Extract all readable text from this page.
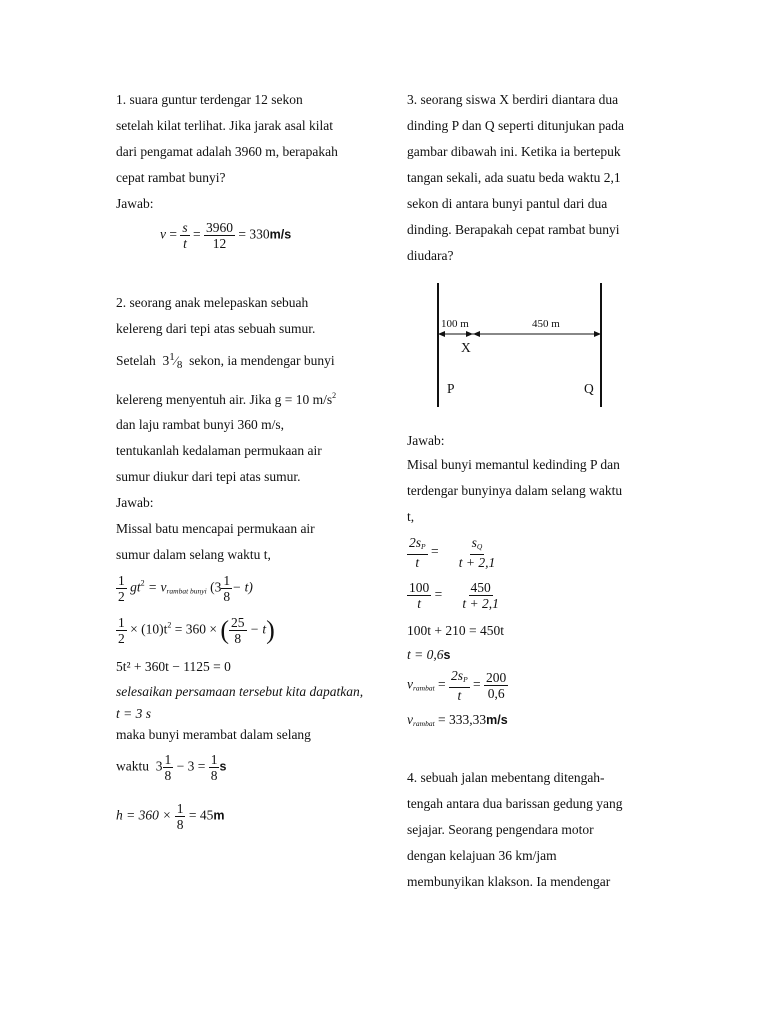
1. suara guntur terdengar 12 sekon
setelah kilat terlihat. Jika jarak asal kilat
dari pengamat adalah 3960 m, berapakah
cepat rambat bunyi?
Jawab:
$v = \frac{s}{t} = \frac{3960}{12} = 330m/s$
2. seorang anak melepaskan sebuah
kelereng dari tepi atas sebuah sumur.
Setelah $3^1⁄_8$ sekon, ia mendengar bunyi
kelereng menyentuh air. Jika g = 10 $m/s^2$
dan laju rambat bunyi 360 m/s,
tentukanlah kedalaman permukaan air
sumur diukur dari tepi atas sumur.
Jawab:
Missal batu mencapai permukaan air
sumur dalam selang waktu t,
$\frac{1}{2} gt^2 = v_{rambat bunyi}$ $(3 \frac{1}{8} - t)$
$\frac{1}{2} \times (10)t^2 = 360$ × ( $\frac{25}{8} - t$)
5t² + 360t − 1125 = 0
selesaikan persamaan tersebut kita dapatkan,
t = 3 s
maka bunyi merambat dalam selang
waktu $3 \frac{1}{8} - 3 = \frac{1}{8}$ s
$h = 360 \times \frac{1}{8} = 45m$
3. seorang siswa X berdiri diantara dua
dinding P dan Q seperti ditunjukan pada
gambar dibawah ini. Ketika ia bertepuk
tangan sekali, ada suatu beda waktu 2,1
sekon di antara bunyi pantul dari dua
dinding. Berapakah cepat rambat bunyi
diudara?
100 m	450 m
X
P	Q
Jawab:
Misal bunyi memantul kedinding P dan
terdengar bunyinya dalam selang waktu
t,
$\frac{2s_P}{t} = \frac{s_Q}{t + 2,1}$
$\frac{100}{t} = \frac{450}{t + 2,1}$
100t + 210 = 450t
t = 0,6s
$v_{rambat} = \frac{2s_P}{t} = \frac{200}{0,6}$
$v_{rambat} = 333,33m/s$
4. sebuah jalan mebentang ditengah-
tengah antara dua barissan gedung yang
sejajar. Seorang pengendara motor
dengan kelajuan 36 km/jam
membunyikan klakson. Ia mendengar
